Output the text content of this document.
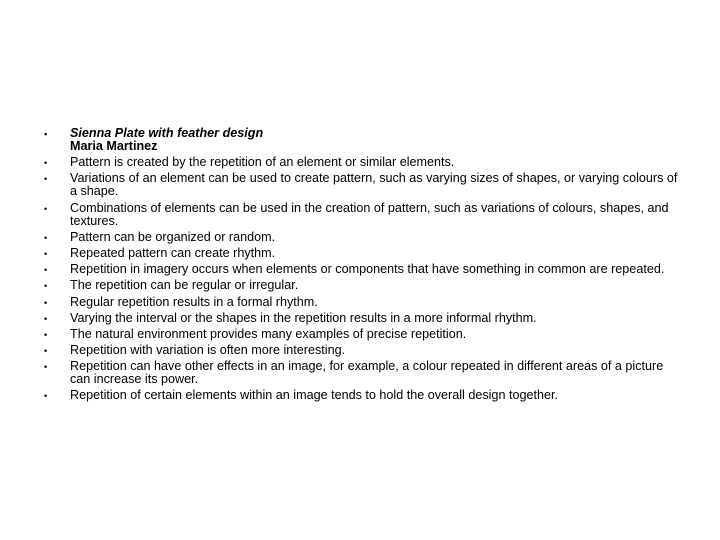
• Sienna Plate with feather design
Maria Martinez
• Pattern is created by the repetition of an element or similar elements.
• Variations of an element can be used to create pattern, such as varying sizes of shapes, or varying colours of a shape.
• Combinations of elements can be used in the creation of pattern, such as variations of colours, shapes, and textures.
• Pattern can be organized or random.
• Repeated pattern can create rhythm.
• Repetition in imagery occurs when elements or components that have something in common are repeated.
• The repetition can be regular or irregular.
• Regular repetition results in a formal rhythm.
• Varying the interval or the shapes in the repetition results in a more informal rhythm.
• The natural environment provides many examples of precise repetition.
• Repetition with variation is often more interesting.
• Repetition can have other effects in an image, for example, a colour repeated in different areas of a picture can increase its power.
• Repetition of certain elements within an image tends to hold the overall design together.
